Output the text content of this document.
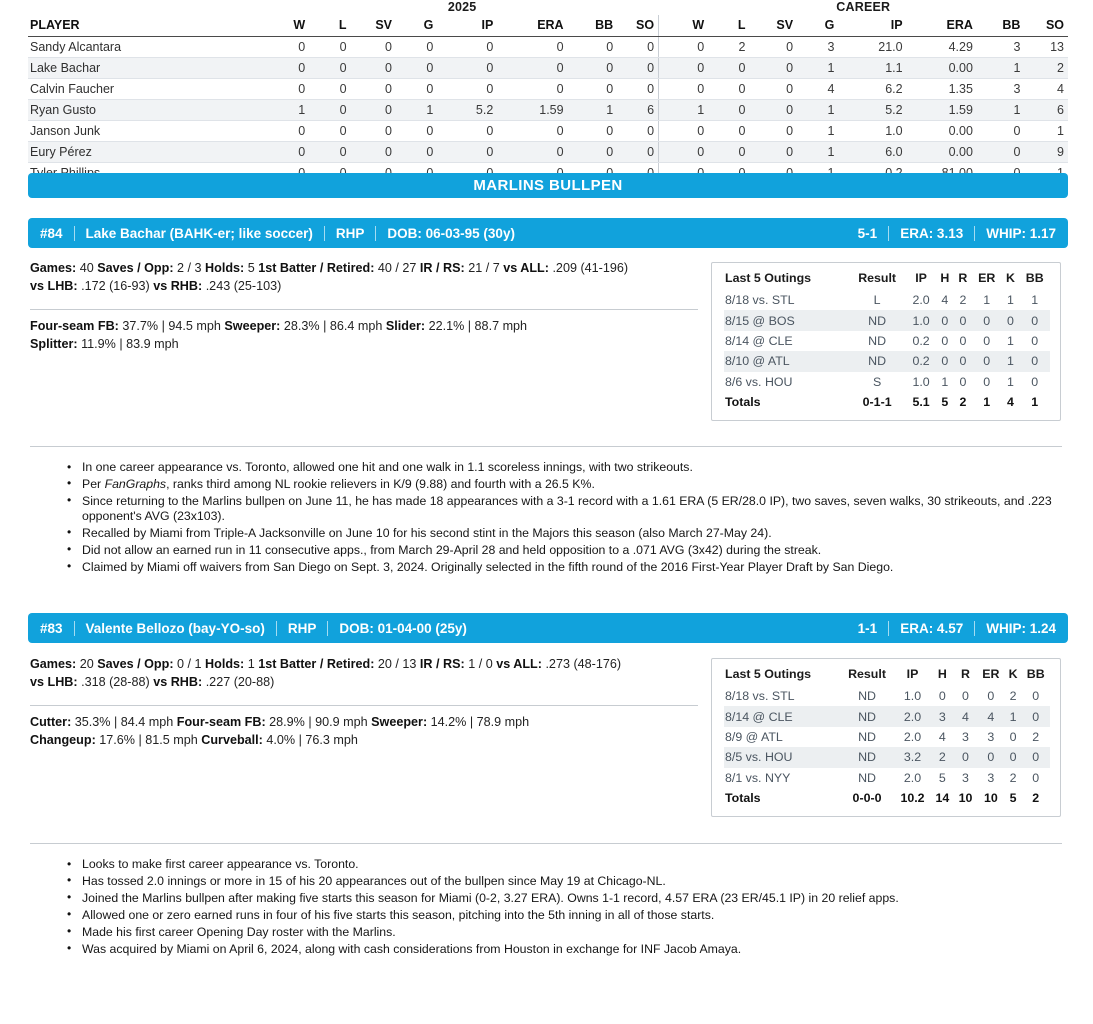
	2025								CAREER							
PLAYER	W	L	SV	G	IP	ERA	BB	SO	W	L	SV	G	IP	ERA	BB	SO
Sandy Alcantara	0	0	0	0	0	0	0	0	0	2	0	3	21.0	4.29	3	13
Lake Bachar	0	0	0	0	0	0	0	0	0	0	0	1	1.1	0.00	1	2
Calvin Faucher	0	0	0	0	0	0	0	0	0	0	0	4	6.2	1.35	3	4
Ryan Gusto	1	0	0	1	5.2	1.59	1	6	1	0	0	1	5.2	1.59	1	6
Janson Junk	0	0	0	0	0	0	0	0	0	0	0	1	1.0	0.00	0	1
Eury Pérez	0	0	0	0	0	0	0	0	0	0	0	1	6.0	0.00	0	9

MARLINS BULLPEN
#84 Lake Bachar (BAHK-er; like soccer) RHP DOB: 06-03-95 (30y)	5-1 ERA: 3.13 WHIP: 1.17
Games: 40 Saves / Opp: 2 / 3 Holds: 5 1st Batter / Retired: 40 / 27 IR / RS: 21 / 7 vs ALL: .209 (41-196)
vs LHB: .172 (16-93) vs RHB: .243 (25-103)
Four-seam FB: 37.7% | 94.5 mph Sweeper: 28.3% | 86.4 mph Slider: 22.1% | 88.7 mph
Splitter: 11.9% | 83.9 mph
Last 5 Outings	Result	IP	H	R	ER	K	BB
8/18 vs. STL	L	2.0	4	2	1	1	1
8/15 @ BOS	ND	1.0	0	0	0	0	0
8/14 @ CLE	ND	0.2	0	0	0	1	0
8/10 @ ATL	ND	0.2	0	0	0	1	0
8/6 vs. HOU	S	1.0	1	0	0	1	0
Totals	0-1-1	5.1	5	2	1	4	1
• In one career appearance vs. Toronto, allowed one hit and one walk in 1.1 scoreless innings, with two strikeouts.
• Per FanGraphs, ranks third among NL rookie relievers in K/9 (9.88) and fourth with a 26.5 K%.
• Since returning to the Marlins bullpen on June 11, he has made 18 appearances with a 3-1 record with a 1.61 ERA (5 ER/28.0 IP), two saves, seven walks, 30 strikeouts, and .223 opponent's AVG (23x103).
• Recalled by Miami from Triple-A Jacksonville on June 10 for his second stint in the Majors this season (also March 27-May 24).
• Did not allow an earned run in 11 consecutive apps., from March 29-April 28 and held opposition to a .071 AVG (3x42) during the streak.
• Claimed by Miami off waivers from San Diego on Sept. 3, 2024. Originally selected in the fifth round of the 2016 First-Year Player Draft by San Diego.
#83 Valente Bellozo (bay-YO-so) RHP DOB: 01-04-00 (25y)	1-1 ERA: 4.57 WHIP: 1.24
Games: 20 Saves / Opp: 0 / 1 Holds: 1 1st Batter / Retired: 20 / 13 IR / RS: 1 / 0 vs ALL: .273 (48-176)
vs LHB: .318 (28-88) vs RHB: .227 (20-88)
Cutter: 35.3% | 84.4 mph Four-seam FB: 28.9% | 90.9 mph Sweeper: 14.2% | 78.9 mph
Changeup: 17.6% | 81.5 mph Curveball: 4.0% | 76.3 mph
Last 5 Outings	Result	IP	H	R	ER	K	BB
8/18 vs. STL	ND	1.0	0	0	0	2	0
8/14 @ CLE	ND	2.0	3	4	4	1	0
8/9 @ ATL	ND	2.0	4	3	3	0	2
8/5 vs. HOU	ND	3.2	2	0	0	0	0
8/1 vs. NYY	ND	2.0	5	3	3	2	0
Totals	0-0-0	10.2	14	10	10	5	2
• Looks to make first career appearance vs. Toronto.
• Has tossed 2.0 innings or more in 15 of his 20 appearances out of the bullpen since May 19 at Chicago-NL.
• Joined the Marlins bullpen after making five starts this season for Miami (0-2, 3.27 ERA). Owns 1-1 record, 4.57 ERA (23 ER/45.1 IP) in 20 relief apps.
• Allowed one or zero earned runs in four of his five starts this season, pitching into the 5th inning in all of those starts.
• Made his first career Opening Day roster with the Marlins.
• Was acquired by Miami on April 6, 2024, along with cash considerations from Houston in exchange for INF Jacob Amaya.
